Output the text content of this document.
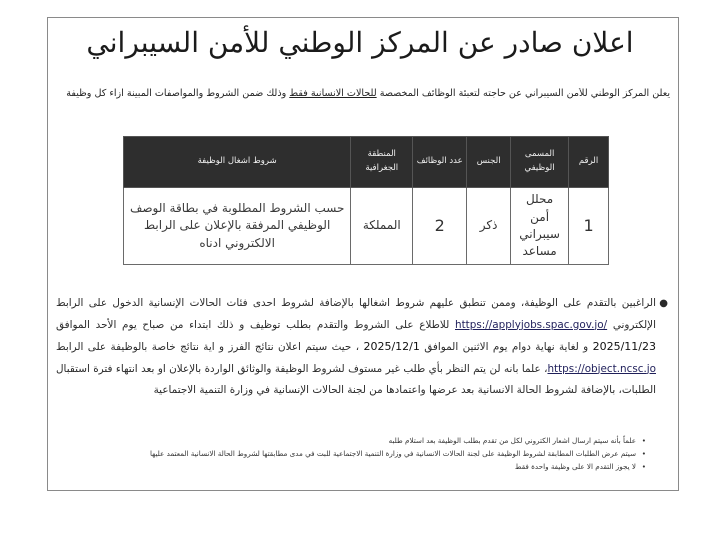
اعلان صادر عن المركز الوطني للأمن السيبراني
يعلن المركز الوطني للأمن السيبراني عن حاجته لتعبئة الوظائف المخصصة للحالات الانسانية فقط وذلك ضمن الشروط والمواصفات المبينة ازاء كل وظيفة
الرقم	المسمى الوظيفي	الجنس	عدد الوظائف	المنطقة الجغرافية	شروط اشغال الوظيفة
1	محلل أمن سيبراني مساعد	ذكر	2	المملكة	حسب الشروط المطلوبة في بطاقة الوصف الوظيفي المرفقة بالإعلان على الرابط الالكتروني ادناه
●
الراغبين بالتقدم على الوظيفة، وممن تنطبق عليهم شروط اشغالها بالإضافة لشروط احدى فئات الحالات الإنسانية الدخول على الرابط الإلكتروني https://applyjobs.spac.gov.jo/ للاطلاع على الشروط والتقدم بطلب توظيف و ذلك ابتداء من صباح يوم الأحد الموافق 2025/11/23 و لغاية نهاية دوام يوم الاثنين الموافق 2025/12/1 ، حيث سيتم اعلان نتائج الفرز و اية نتائج خاصة بالوظيفة على الرابط https://object.ncsc.jo، علما بانه لن يتم النظر بأي طلب غير مستوف لشروط الوظيفة والوثائق الواردة بالإعلان او بعد انتهاء فترة استقبال الطلبات، بالإضافة لشروط الحالة الانسانية بعد عرضها واعتمادها من لجنة الحالات الإنسانية في وزارة التنمية الاجتماعية
•
علماً بأنه سيتم ارسال اشعار الكتروني لكل من تقدم بطلب الوظيفة بعد استلام طلبه
•
سيتم عرض الطلبات المطابقة لشروط الوظيفة على لجنة الحالات الانسانية في وزارة التنمية الاجتماعية للبت في مدى مطابقتها لشروط الحالة الانسانية المعتمد عليها
•
لا يجوز التقدم الا على وظيفة واحدة فقط
